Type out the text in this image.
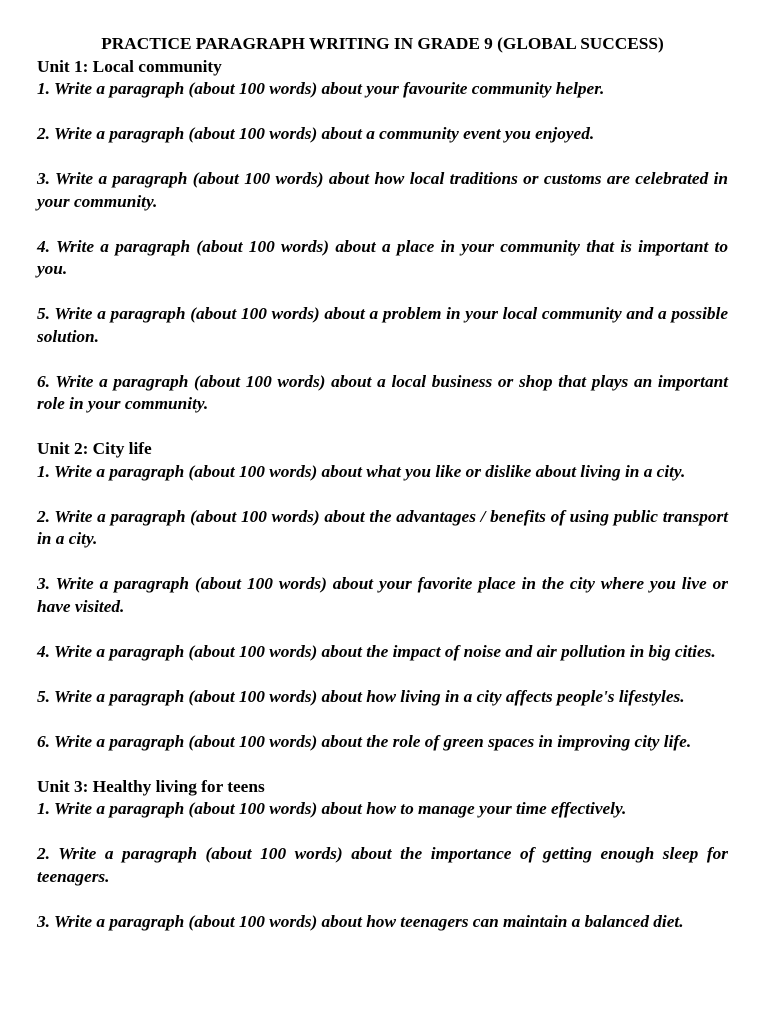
PRACTICE PARAGRAPH WRITING IN GRADE 9 (GLOBAL SUCCESS)

Unit 1: Local community

1. Write a paragraph (about 100 words) about your favourite community helper.

2. Write a paragraph (about 100 words) about a community event you enjoyed.

3. Write a paragraph (about 100 words) about how local traditions or customs are celebrated in your community.

4. Write a paragraph (about 100 words) about a place in your community that is important to you.

5. Write a paragraph (about 100 words) about a problem in your local community and a possible solution.

6. Write a paragraph (about 100 words) about a local business or shop that plays an important role in your community.

Unit 2: City life

1. Write a paragraph (about 100 words) about what you like or dislike about living in a city.

2. Write a paragraph (about 100 words) about the advantages / benefits of using public transport in a city.

3. Write a paragraph (about 100 words) about your favorite place in the city where you live or have visited.

4. Write a paragraph (about 100 words) about the impact of noise and air pollution in big cities.

5. Write a paragraph (about 100 words) about how living in a city affects people's lifestyles.

6. Write a paragraph (about 100 words) about the role of green spaces in improving city life.

Unit 3: Healthy living for teens

1. Write a paragraph (about 100 words) about how to manage your time effectively.

2. Write a paragraph (about 100 words) about the importance of getting enough sleep for teenagers.

3. Write a paragraph (about 100 words) about how teenagers can maintain a balanced diet.
